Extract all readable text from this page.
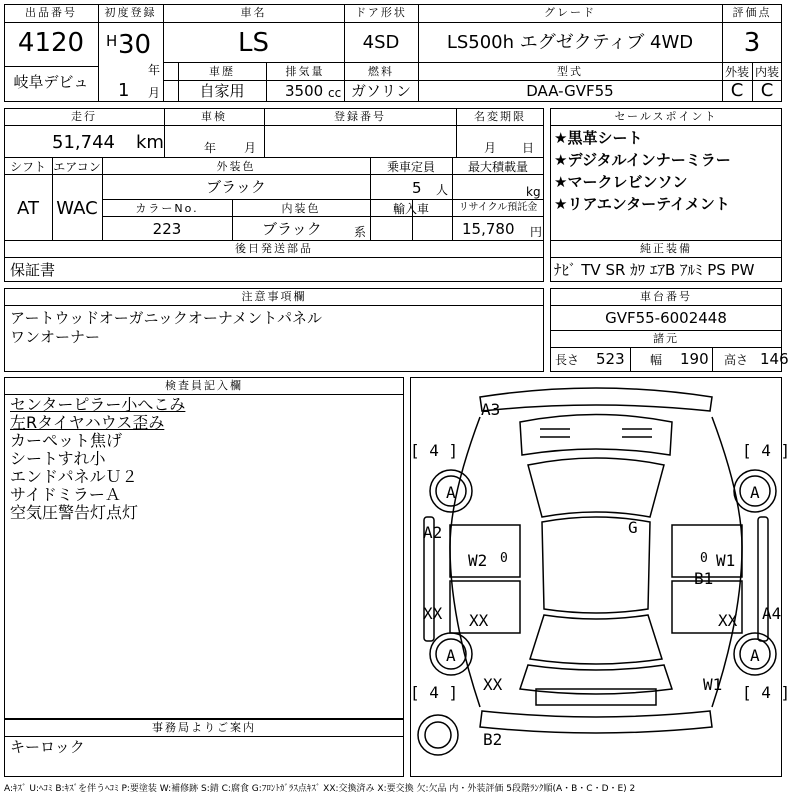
出品番号
4120
岐阜デビュ
初度登録
H 30
年
1 月
車名
LS
ドア形状
4SD
グレード
LS500h エグゼクティブ 4WD
評価点
3
車歴
自家用
排気量
3500 cc
燃料
ガソリン
型式
DAA-GVF55
外装
C
内装
C
走行
51,744 km
車検
年 月
登録番号	名変期限
月 日
シフト
AT
エアコン
WAC
外装色
ブラック
乗車定員
5 人
最大積載量
kg
カラーNo.
223
内装色
ブラック	系
輸入車	リサイクル預託金
15,780 円
セールスポイント
★黒革シート
★デジタルインナーミラー
★マークレビンソン
★リアエンターテイメント
後日発送部品
保証書
純正装備
ﾅﾋﾞ TV SR ｶﾜ ｴｱB ｱﾙﾐ PS PW
注意事項欄
アートウッドオーガニックオーナメントパネル
ワンオーナー
車台番号
GVF55-6002448
諸元
長さ 523 幅 190 高さ 146
検査員記入欄
センターピラー小へこみ
左Rタイヤハウス歪み
カーペット焦げ
シートすれ小
エンドパネルＵ２
サイドミラーＡ
空気圧警告灯点灯
事務局よりご案内
キーロック
A3
A2
XX XX
XX
XX A4
B2
B1
G
W2	W1
W1
0	0
A	A
A	A
[ 4 ]	[ 4 ]
[ 4 ]	[ 4 ]
A:ｷｽﾞ U:ﾍｺﾐ B:ｷｽﾞを伴うﾍｺﾐ P:要塗装 W:補修跡 S:錆 C:腐食 G:ﾌﾛﾝﾄｶﾞﾗｽ点ｷｽﾞ XX:交換済み X:要交換 欠:欠品 内・外装評価 5段階ﾗﾝｸ順(A・B・C・D・E) 2
